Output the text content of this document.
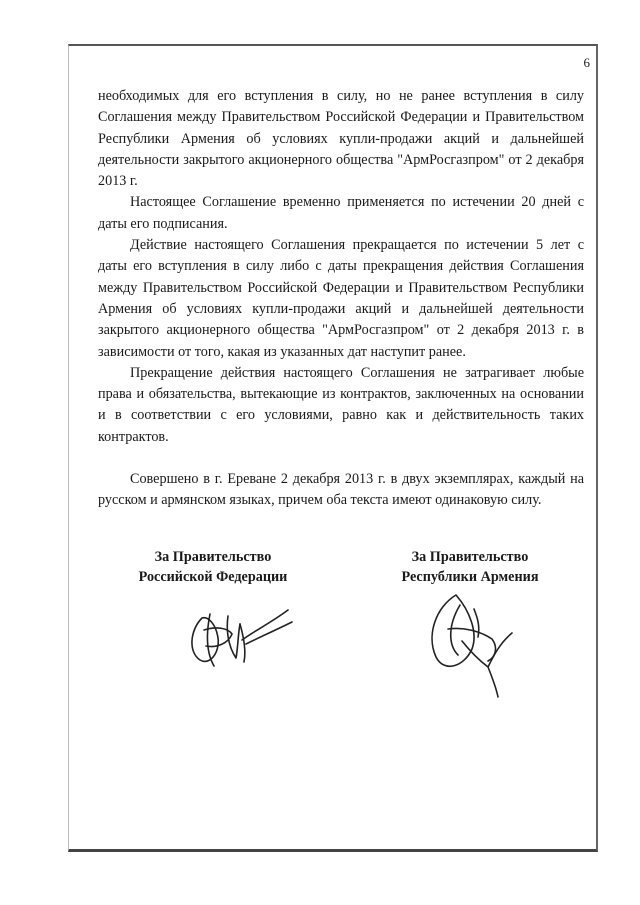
6

необходимых для его вступления в силу, но не ранее вступления в силу Соглашения между Правительством Российской Федерации и Правительством Республики Армения об условиях купли-продажи акций и дальнейшей деятельности закрытого акционерного общества "АрмРосгазпром" от 2 декабря 2013 г.

Настоящее Соглашение временно применяется по истечении 20 дней с даты его подписания.

Действие настоящего Соглашения прекращается по истечении 5 лет с даты его вступления в силу либо с даты прекращения действия Соглашения между Правительством Российской Федерации и Правительством Республики Армения об условиях купли-продажи акций и дальнейшей деятельности закрытого акционерного общества "АрмРосгазпром" от 2 декабря 2013 г. в зависимости от того, какая из указанных дат наступит ранее.

Прекращение действия настоящего Соглашения не затрагивает любые права и обязательства, вытекающие из контрактов, заключенных на основании и в соответствии с его условиями, равно как и действительность таких контрактов.

Совершено в г. Ереване 2 декабря 2013 г. в двух экземплярах, каждый на русском и армянском языках, причем оба текста имеют одинаковую силу.

За Правительство
Российской Федерации
За Правительство
Республики Армения
